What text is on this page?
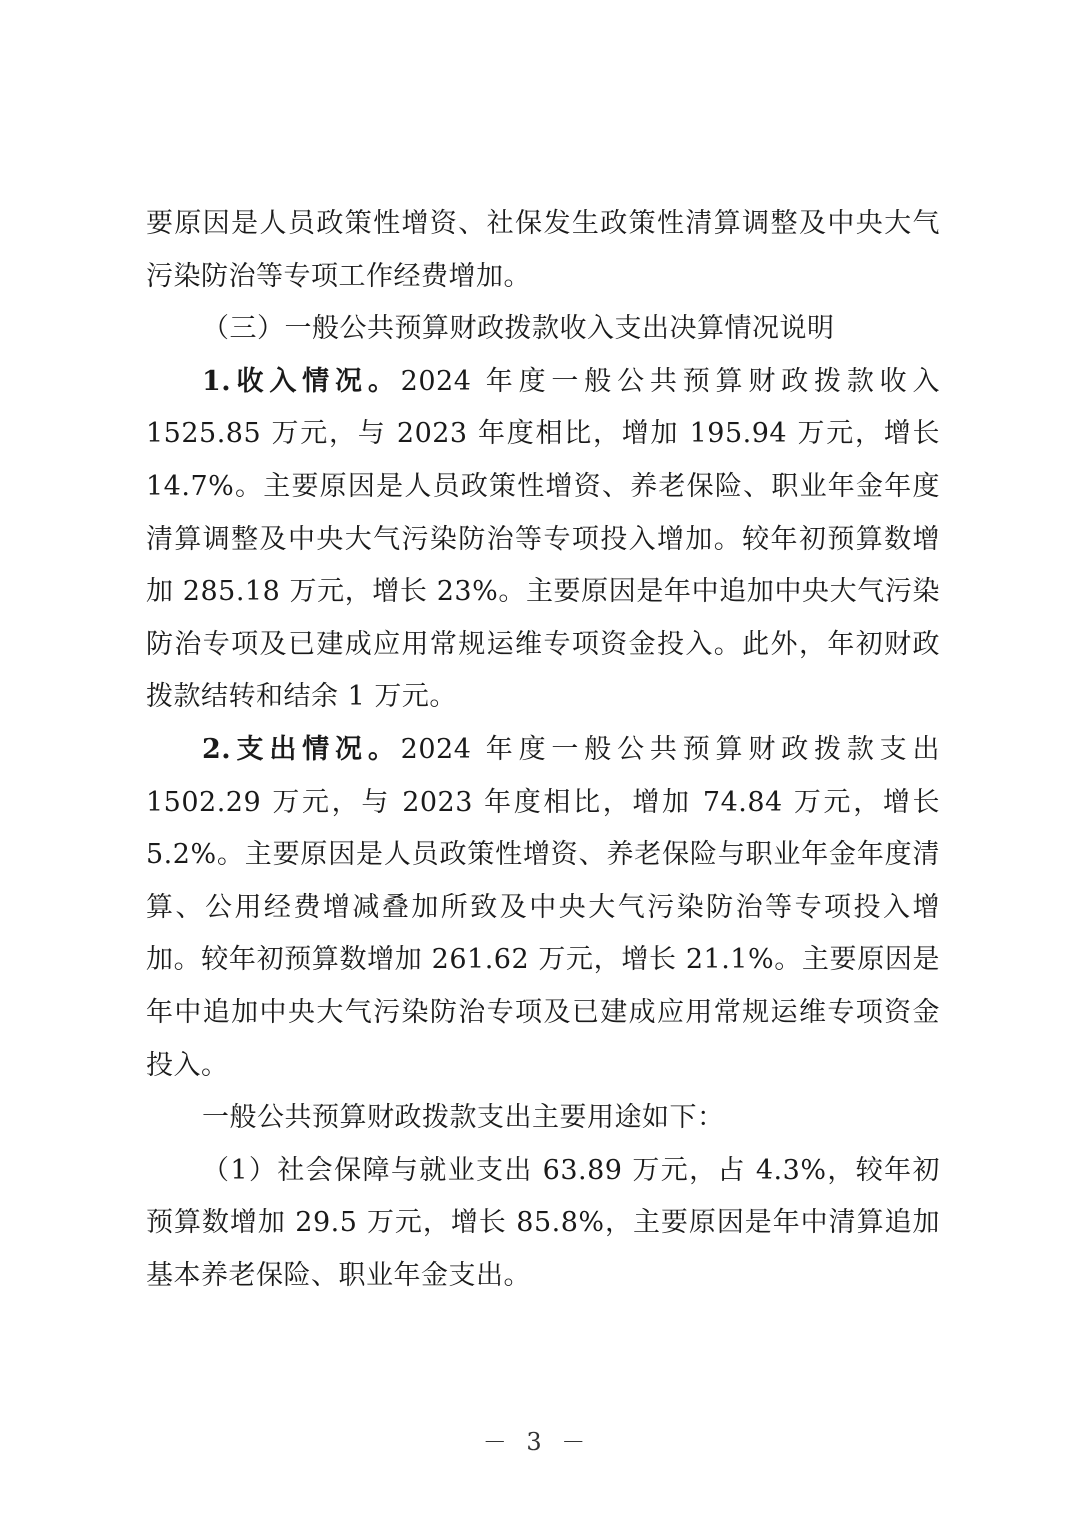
要原因是人员政策性增资、社保发生政策性清算调整及中央大气污染防治等专项工作经费增加。

（三）一般公共预算财政拨款收入支出决算情况说明

1.收入情况。2024 年度一般公共预算财政拨款收入 1525.85 万元，与 2023 年度相比，增加 195.94 万元，增长 14.7%。主要原因是人员政策性增资、养老保险、职业年金年度清算调整及中央大气污染防治等专项投入增加。较年初预算数增加 285.18 万元，增长 23%。主要原因是年中追加中央大气污染防治专项及已建成应用常规运维专项资金投入。此外，年初财政拨款结转和结余 1 万元。

2.支出情况。2024 年度一般公共预算财政拨款支出 1502.29 万元，与 2023 年度相比，增加 74.84 万元，增长 5.2%。主要原因是人员政策性增资、养老保险与职业年金年度清算、公用经费增减叠加所致及中央大气污染防治等专项投入增加。较年初预算数增加 261.62 万元，增长 21.1%。主要原因是年中追加中央大气污染防治专项及已建成应用常规运维专项资金投入。

一般公共预算财政拨款支出主要用途如下：

（1）社会保障与就业支出 63.89 万元，占 4.3%，较年初预算数增加 29.5 万元，增长 85.8%，主要原因是年中清算追加基本养老保险、职业年金支出。

－ 3 －
